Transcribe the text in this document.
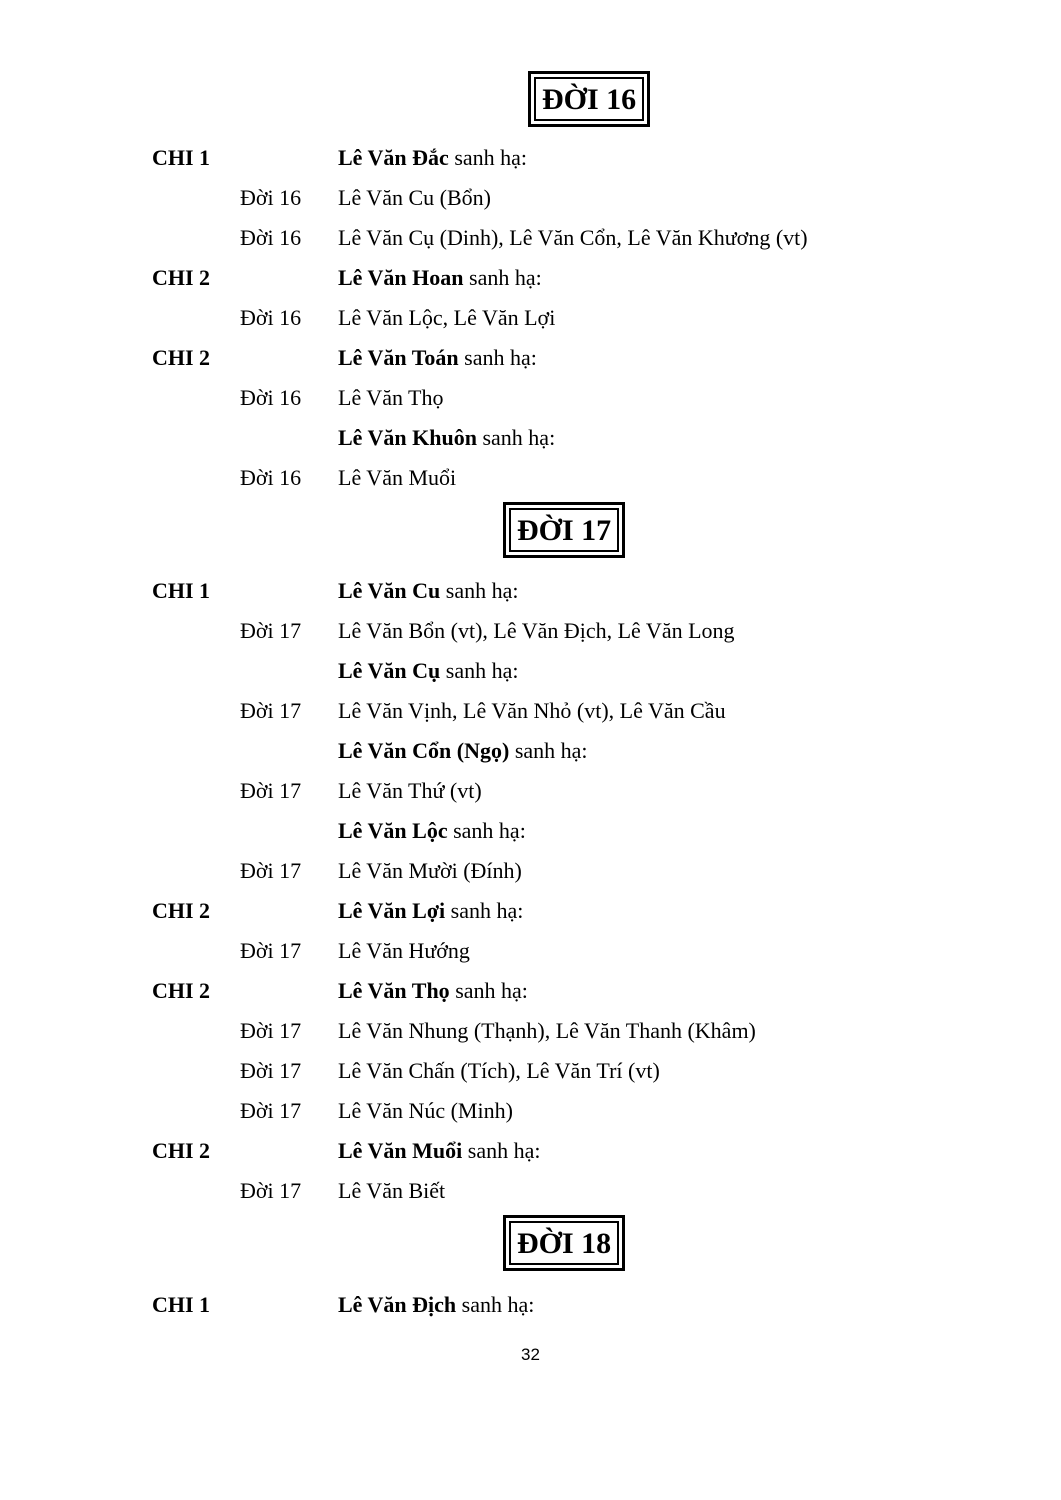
ĐỜI 16
CHI 1	Lê Văn Đắc sanh hạ:
Đời 16 Lê Văn Cu (Bổn)
Đời 16 Lê Văn Cụ (Dinh), Lê Văn Cổn, Lê Văn Khương (vt)
CHI 2	Lê Văn Hoan sanh hạ:
Đời 16 Lê Văn Lộc, Lê Văn Lợi
CHI 2	Lê Văn Toán sanh hạ:
Đời 16 Lê Văn Thọ
Lê Văn Khuôn sanh hạ:
Đời 16 Lê Văn Muổi
ĐỜI 17
CHI 1	Lê Văn Cu sanh hạ:
Đời 17 Lê Văn Bổn (vt), Lê Văn Địch, Lê Văn Long
Lê Văn Cụ sanh hạ:
Đời 17 Lê Văn Vịnh, Lê Văn Nhỏ (vt), Lê Văn Cầu
Lê Văn Cổn (Ngọ) sanh hạ:
Đời 17 Lê Văn Thứ (vt)
Lê Văn Lộc sanh hạ:
Đời 17 Lê Văn Mười (Đính)
CHI 2	Lê Văn Lợi sanh hạ:
Đời 17 Lê Văn Hướng
CHI 2	Lê Văn Thọ sanh hạ:
Đời 17 Lê Văn Nhung (Thạnh), Lê Văn Thanh (Khâm)
Đời 17 Lê Văn Chấn (Tích), Lê Văn Trí (vt)
Đời 17 Lê Văn Núc (Minh)
CHI 2	Lê Văn Muổi sanh hạ:
Đời 17 Lê Văn Biết
ĐỜI 18
CHI 1	Lê Văn Địch sanh hạ:
32
